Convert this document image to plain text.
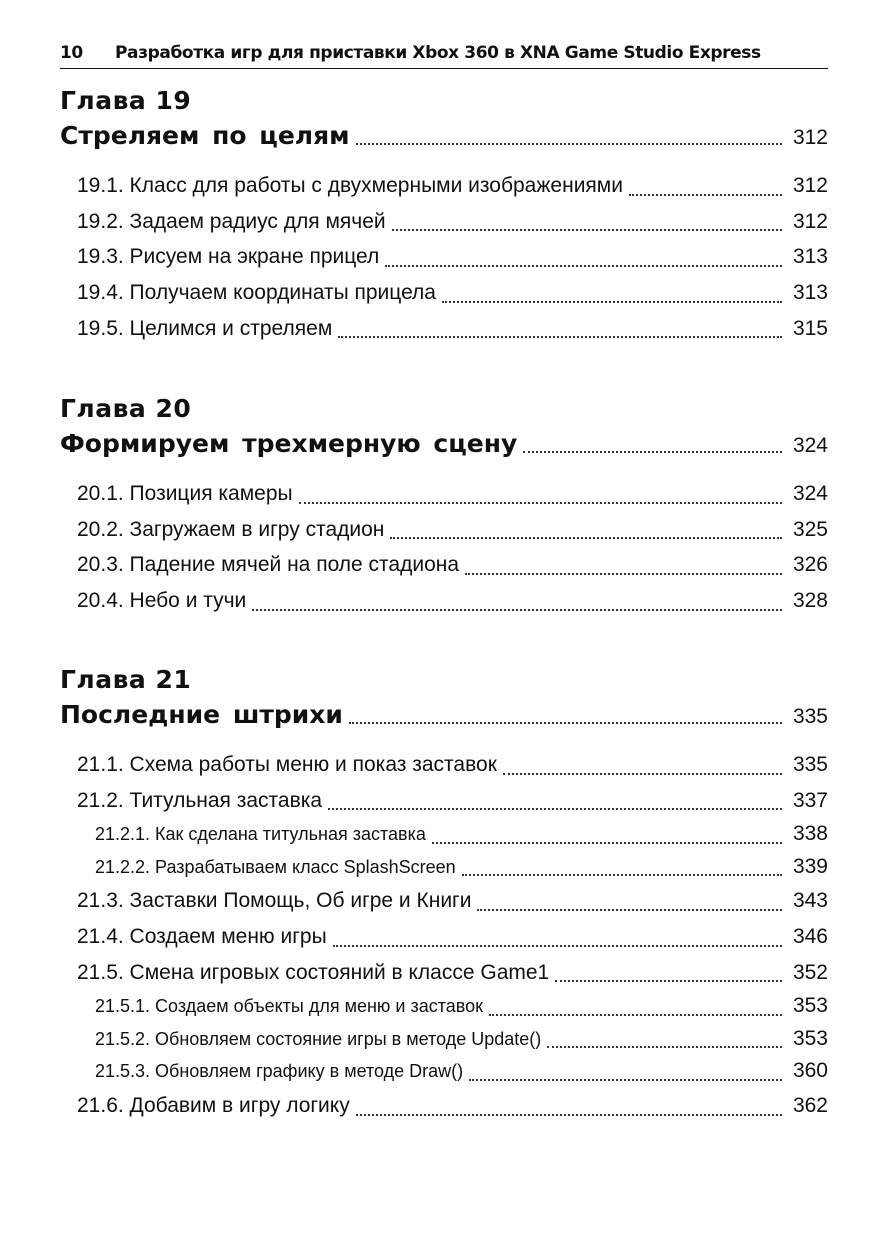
10 Разработка игр для приставки Xbox 360 в XNA Game Studio Express
Глава 19
Стреляем по целям	312
19.1. Класс для работы с двухмерными изображениями	312
19.2. Задаем радиус для мячей	312
19.3. Рисуем на экране прицел	313
19.4. Получаем координаты прицела	313
19.5. Целимся и стреляем	315
Глава 20
Формируем трехмерную сцену	324
20.1. Позиция камеры	324
20.2. Загружаем в игру стадион	325
20.3. Падение мячей на поле стадиона	326
20.4. Небо и тучи	328
Глава 21
Последние штрихи	335
21.1. Схема работы меню и показ заставок	335
21.2. Титульная заставка	337
21.2.1. Как сделана титульная заставка	338
21.2.2. Разрабатываем класс SplashScreen	339
21.3. Заставки Помощь, Об игре и Книги	343
21.4. Создаем меню игры	346
21.5. Смена игровых состояний в классе Game1	352
21.5.1. Создаем объекты для меню и заставок	353
21.5.2. Обновляем состояние игры в методе Update()	353
21.5.3. Обновляем графику в методе Draw()	360
21.6. Добавим в игру логику	362
